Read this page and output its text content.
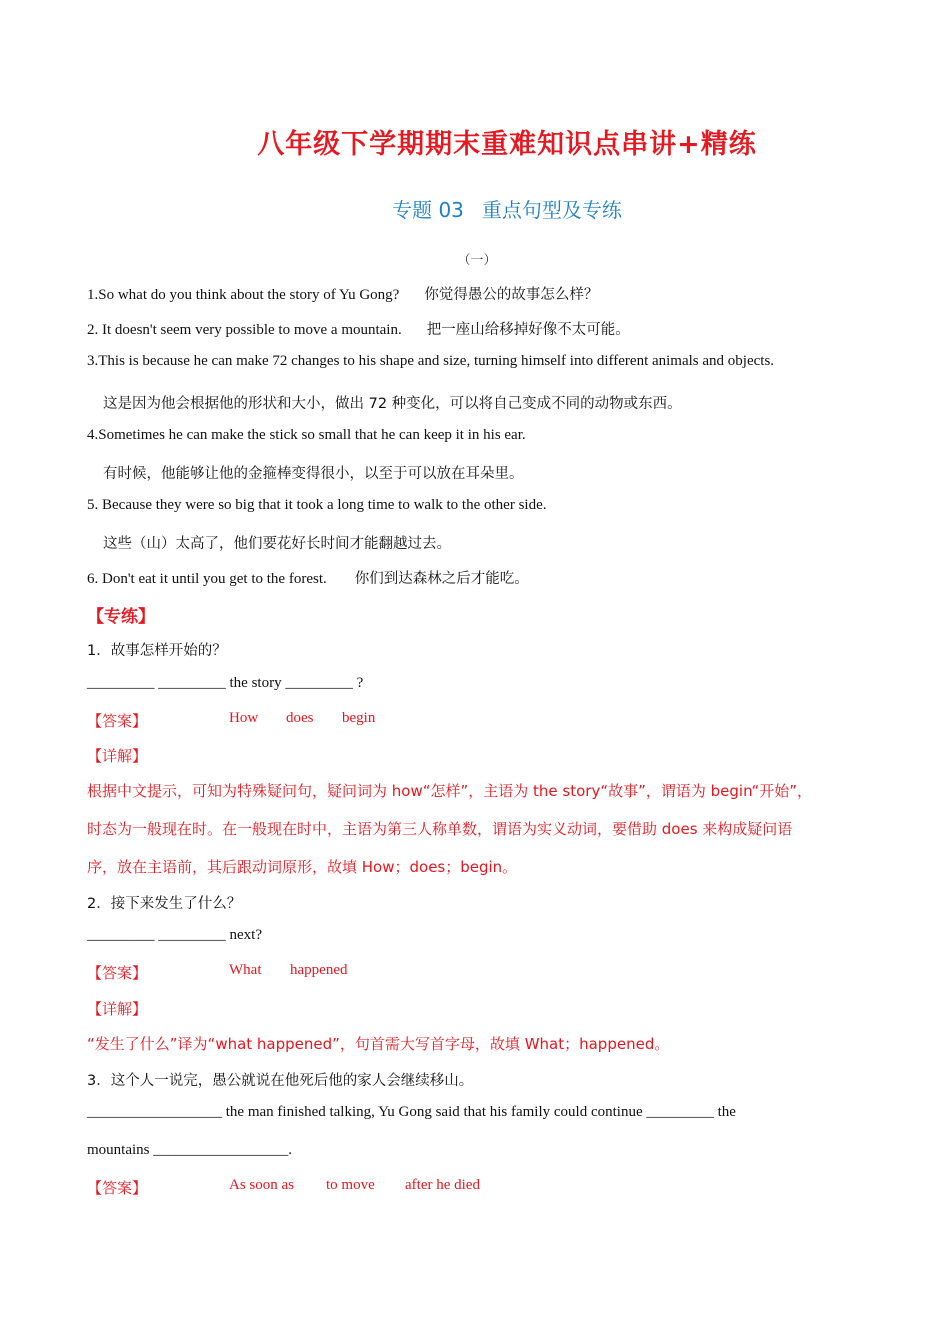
八年级下学期期末重难知识点串讲+精练
专题 03 重点句型及专练
（一）
1.So what do you think about the story of Yu Gong? 你觉得愚公的故事怎么样？
2. It doesn't seem very possible to move a mountain. 把一座山给移掉好像不太可能。
3.This is because he can make 72 changes to his shape and size, turning himself into different animals and objects.
这是因为他会根据他的形状和大小，做出 72 种变化，可以将自己变成不同的动物或东西。
4.Sometimes he can make the stick so small that he can keep it in his ear.
有时候，他能够让他的金箍棒变得很小，以至于可以放在耳朵里。
5. Because they were so big that it took a long time to walk to the other side.
这些（山）太高了，他们要花好长时间才能翻越过去。
6. Don't eat it until you get to the forest. 你们到达森林之后才能吃。
【专练】
1．故事怎样开始的？
_________ _________ the story _________ ?
【答案】	How does begin
【详解】
根据中文提示，可知为特殊疑问句，疑问词为 how“怎样”，主语为 the story“故事”，谓语为 begin“开始”，
时态为一般现在时。在一般现在时中，主语为第三人称单数，谓语为实义动词，要借助 does 来构成疑问语
序，放在主语前，其后跟动词原形，故填 How；does；begin。
2．接下来发生了什么？
_________ _________ next?
【答案】	What happened
【详解】
“发生了什么”译为“what happened”，句首需大写首字母，故填 What；happened。
3．这个人一说完，愚公就说在他死后他的家人会继续移山。
__________________ the man finished talking, Yu Gong said that his family could continue _________ the
mountains __________________.
【答案】	As soon as to move after he died
